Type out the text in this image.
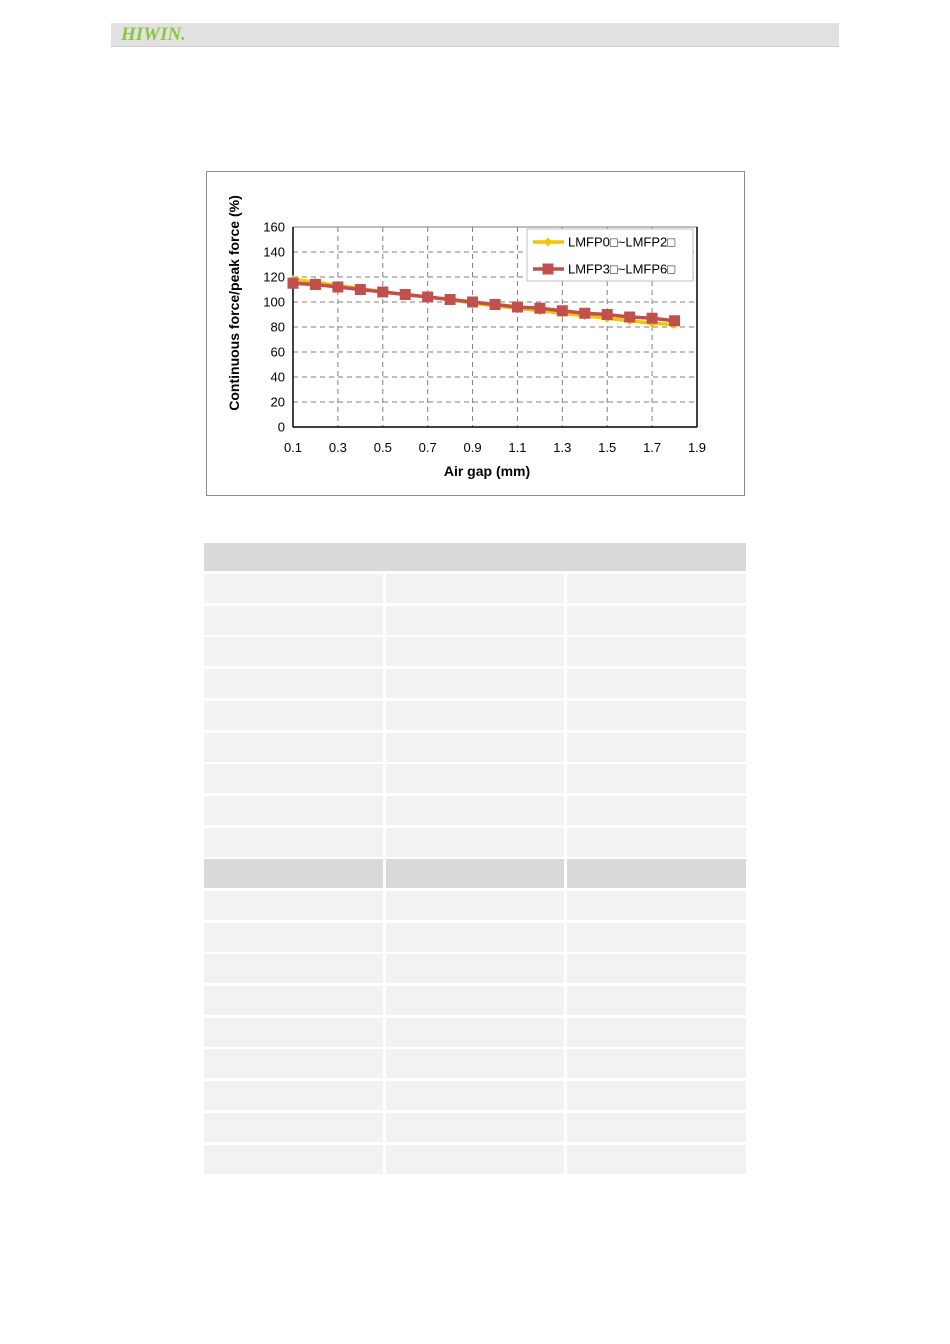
HIWIN.
0
20
40
60
80
100
120
140
160
0.1 0.3 0.5 0.7 0.9 1.1 1.3 1.5 1.7 1.9
Air gap (mm)
Continuous force/peak force (%)	LMFP0□~LMFP2□
LMFP3□~LMFP6□
